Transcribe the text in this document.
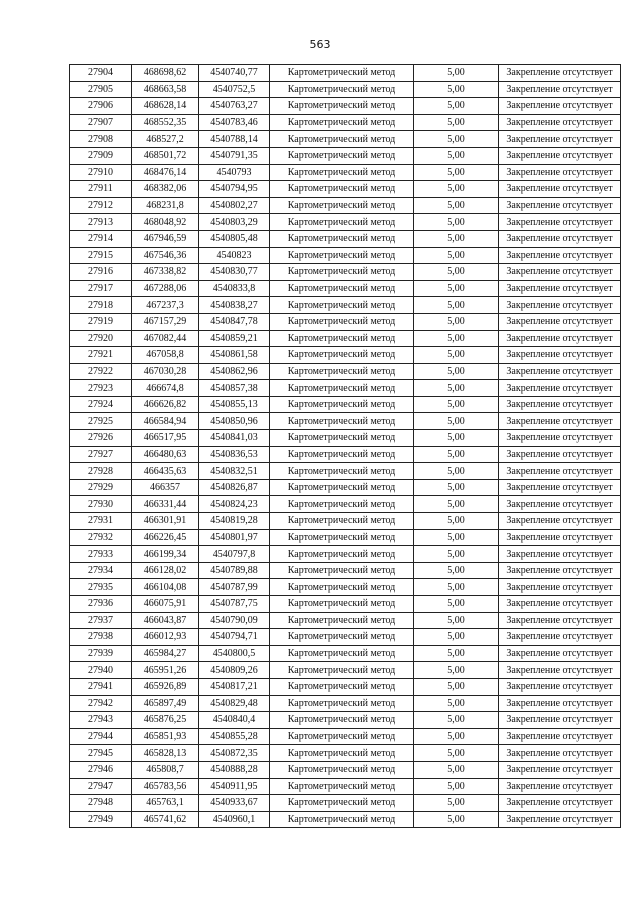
563
27904	468698,62	4540740,77	Картометрический метод	5,00	Закрепление отсутствует
27905	468663,58	4540752,5	Картометрический метод	5,00	Закрепление отсутствует
27906	468628,14	4540763,27	Картометрический метод	5,00	Закрепление отсутствует
27907	468552,35	4540783,46	Картометрический метод	5,00	Закрепление отсутствует
27908	468527,2	4540788,14	Картометрический метод	5,00	Закрепление отсутствует
27909	468501,72	4540791,35	Картометрический метод	5,00	Закрепление отсутствует
27910	468476,14	4540793	Картометрический метод	5,00	Закрепление отсутствует
27911	468382,06	4540794,95	Картометрический метод	5,00	Закрепление отсутствует
27912	468231,8	4540802,27	Картометрический метод	5,00	Закрепление отсутствует
27913	468048,92	4540803,29	Картометрический метод	5,00	Закрепление отсутствует
27914	467946,59	4540805,48	Картометрический метод	5,00	Закрепление отсутствует
27915	467546,36	4540823	Картометрический метод	5,00	Закрепление отсутствует
27916	467338,82	4540830,77	Картометрический метод	5,00	Закрепление отсутствует
27917	467288,06	4540833,8	Картометрический метод	5,00	Закрепление отсутствует
27918	467237,3	4540838,27	Картометрический метод	5,00	Закрепление отсутствует
27919	467157,29	4540847,78	Картометрический метод	5,00	Закрепление отсутствует
27920	467082,44	4540859,21	Картометрический метод	5,00	Закрепление отсутствует
27921	467058,8	4540861,58	Картометрический метод	5,00	Закрепление отсутствует
27922	467030,28	4540862,96	Картометрический метод	5,00	Закрепление отсутствует
27923	466674,8	4540857,38	Картометрический метод	5,00	Закрепление отсутствует
27924	466626,82	4540855,13	Картометрический метод	5,00	Закрепление отсутствует
27925	466584,94	4540850,96	Картометрический метод	5,00	Закрепление отсутствует
27926	466517,95	4540841,03	Картометрический метод	5,00	Закрепление отсутствует
27927	466480,63	4540836,53	Картометрический метод	5,00	Закрепление отсутствует
27928	466435,63	4540832,51	Картометрический метод	5,00	Закрепление отсутствует
27929	466357	4540826,87	Картометрический метод	5,00	Закрепление отсутствует
27930	466331,44	4540824,23	Картометрический метод	5,00	Закрепление отсутствует
27931	466301,91	4540819,28	Картометрический метод	5,00	Закрепление отсутствует
27932	466226,45	4540801,97	Картометрический метод	5,00	Закрепление отсутствует
27933	466199,34	4540797,8	Картометрический метод	5,00	Закрепление отсутствует
27934	466128,02	4540789,88	Картометрический метод	5,00	Закрепление отсутствует
27935	466104,08	4540787,99	Картометрический метод	5,00	Закрепление отсутствует
27936	466075,91	4540787,75	Картометрический метод	5,00	Закрепление отсутствует
27937	466043,87	4540790,09	Картометрический метод	5,00	Закрепление отсутствует
27938	466012,93	4540794,71	Картометрический метод	5,00	Закрепление отсутствует
27939	465984,27	4540800,5	Картометрический метод	5,00	Закрепление отсутствует
27940	465951,26	4540809,26	Картометрический метод	5,00	Закрепление отсутствует
27941	465926,89	4540817,21	Картометрический метод	5,00	Закрепление отсутствует
27942	465897,49	4540829,48	Картометрический метод	5,00	Закрепление отсутствует
27943	465876,25	4540840,4	Картометрический метод	5,00	Закрепление отсутствует
27944	465851,93	4540855,28	Картометрический метод	5,00	Закрепление отсутствует
27945	465828,13	4540872,35	Картометрический метод	5,00	Закрепление отсутствует
27946	465808,7	4540888,28	Картометрический метод	5,00	Закрепление отсутствует
27947	465783,56	4540911,95	Картометрический метод	5,00	Закрепление отсутствует
27948	465763,1	4540933,67	Картометрический метод	5,00	Закрепление отсутствует
27949	465741,62	4540960,1	Картометрический метод	5,00	Закрепление отсутствует
